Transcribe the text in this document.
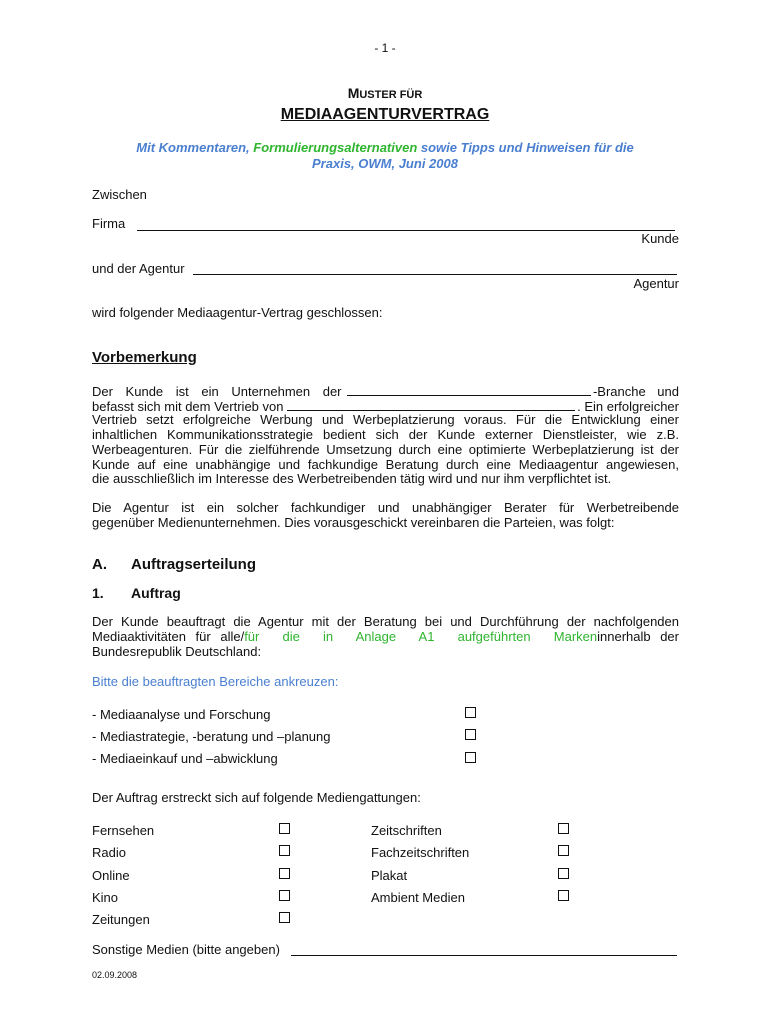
- 1 -
MUSTER FÜR
MEDIAAGENTURVERTRAG
Mit Kommentaren, Formulierungsalternativen sowie Tipps und Hinweisen für die
Praxis, OWM, Juni 2008
Zwischen
Firma
Kunde
und der Agentur
Agentur
wird folgender Mediaagentur-Vertrag geschlossen:
Vorbemerkung
Der Kunde ist ein Unternehmen der	-Branche und
befasst sich mit dem Vertrieb von	. Ein erfolgreicher
Vertrieb setzt erfolgreiche Werbung und Werbeplatzierung voraus. Für die Entwicklung einer
inhaltlichen Kommunikationsstrategie bedient sich der Kunde externer Dienstleister, wie z.B.
Werbeagenturen. Für die zielführende Umsetzung durch eine optimierte Werbeplatzierung ist der
Kunde auf eine unabhängige und fachkundige Beratung durch eine Mediaagentur angewiesen,
die ausschließlich im Interesse des Werbetreibenden tätig wird und nur ihm verpflichtet ist.
Die Agentur ist ein solcher fachkundiger und unabhängiger Berater für Werbetreibende
gegenüber Medienunternehmen. Dies vorausgeschickt vereinbaren die Parteien, was folgt:
A. Auftragserteilung
1. Auftrag
Der Kunde beauftragt die Agentur mit der Beratung bei und Durchführung der nachfolgenden
Mediaaktivitäten für alle/ für die in Anlage A1 aufgeführten Marken innerhalb der
Bundesrepublik Deutschland:
Bitte die beauftragten Bereiche ankreuzen:
- Mediaanalyse und Forschung
- Mediastrategie, -beratung und –planung
- Mediaeinkauf und –abwicklung
Der Auftrag erstreckt sich auf folgende Mediengattungen:
Fernsehen
Radio
Online
Kino
Zeitungen
Zeitschriften
Fachzeitschriften
Plakat
Ambient Medien
Sonstige Medien (bitte angeben)
02.09.2008
